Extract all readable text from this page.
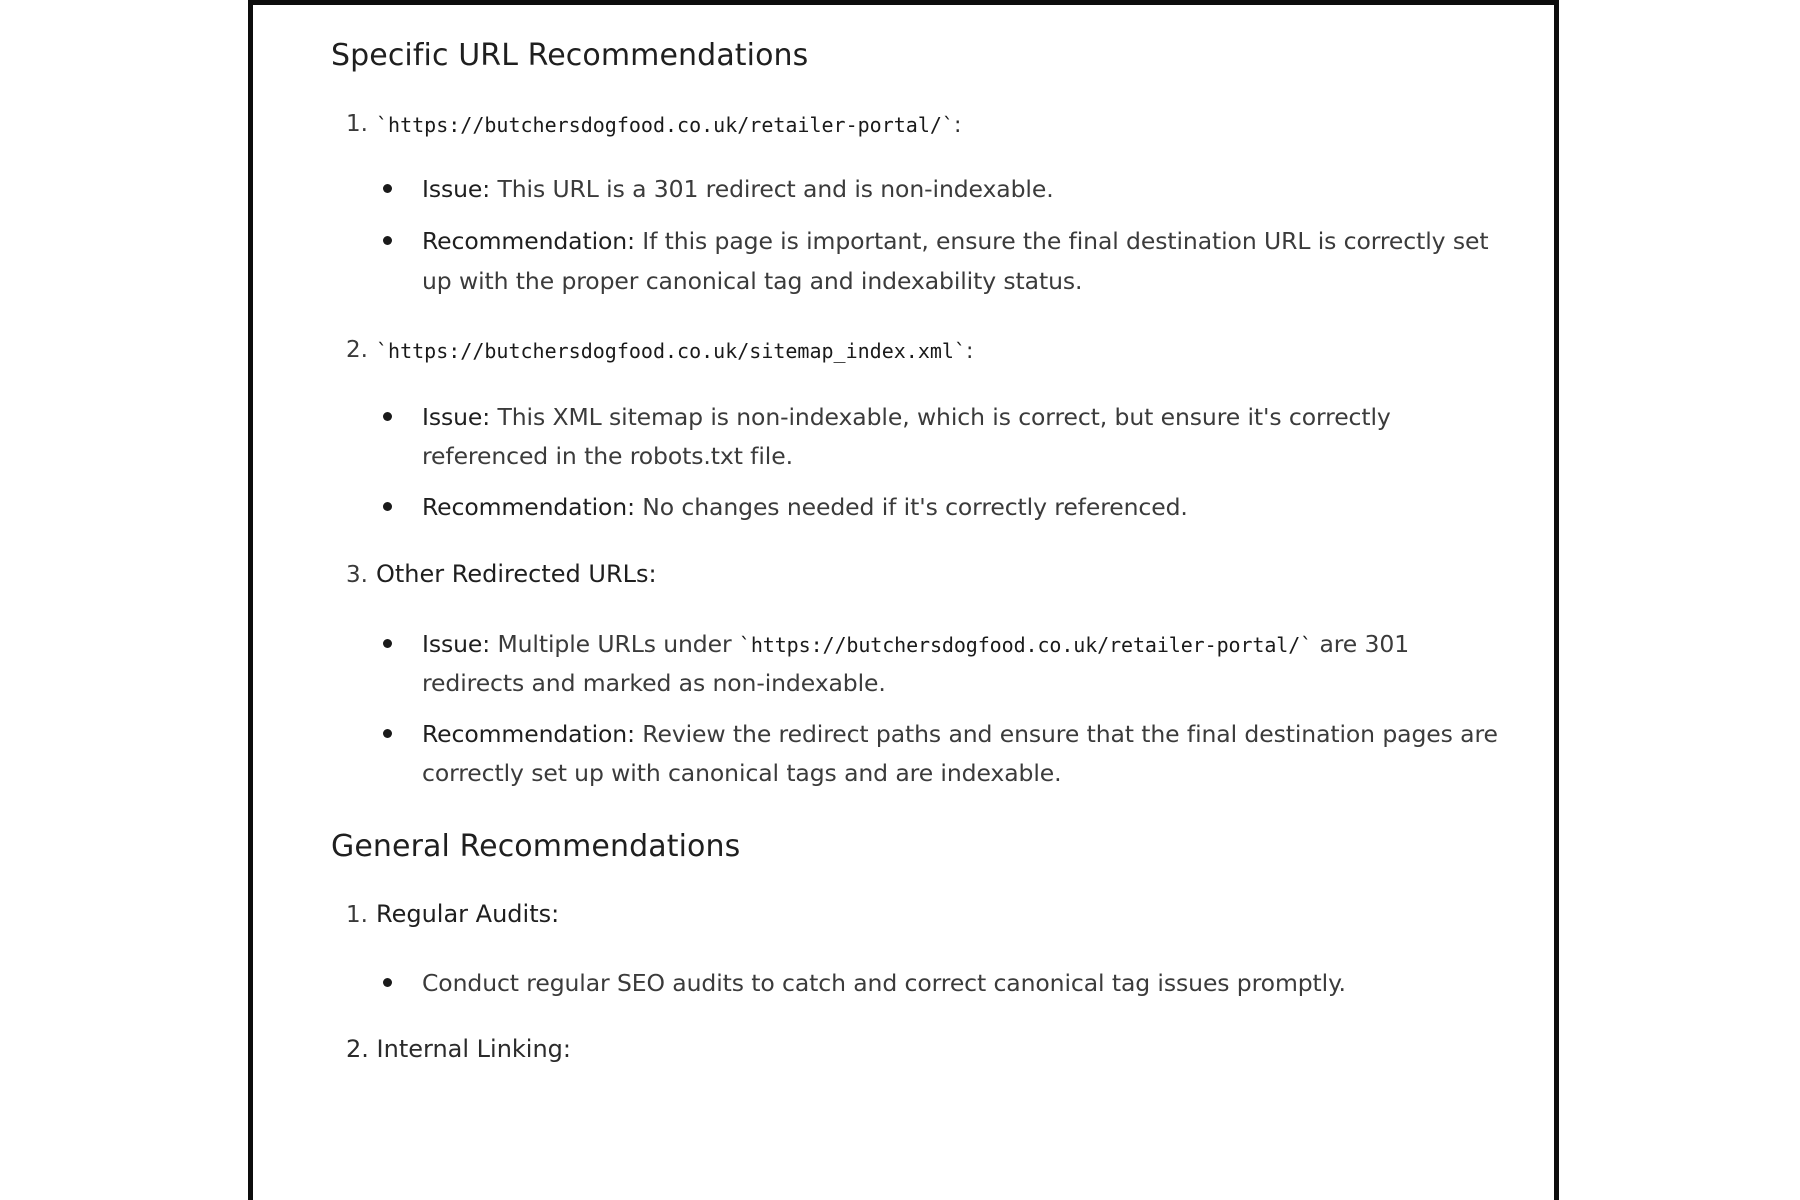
Specific URL Recommendations
1. `https://butchersdogfood.co.uk/retailer-portal/`:
Issue: This URL is a 301 redirect and is non-indexable.
Recommendation: If this page is important, ensure the final destination URL is correctly set
up with the proper canonical tag and indexability status.
2. `https://butchersdogfood.co.uk/sitemap_index.xml`:
Issue: This XML sitemap is non-indexable, which is correct, but ensure it's correctly
referenced in the robots.txt file.
Recommendation: No changes needed if it's correctly referenced.
3. Other Redirected URLs:
Issue: Multiple URLs under `https://butchersdogfood.co.uk/retailer-portal/` are 301
redirects and marked as non-indexable.
Recommendation: Review the redirect paths and ensure that the final destination pages are
correctly set up with canonical tags and are indexable.
General Recommendations
1. Regular Audits:
Conduct regular SEO audits to catch and correct canonical tag issues promptly.
2. Internal Linking:
